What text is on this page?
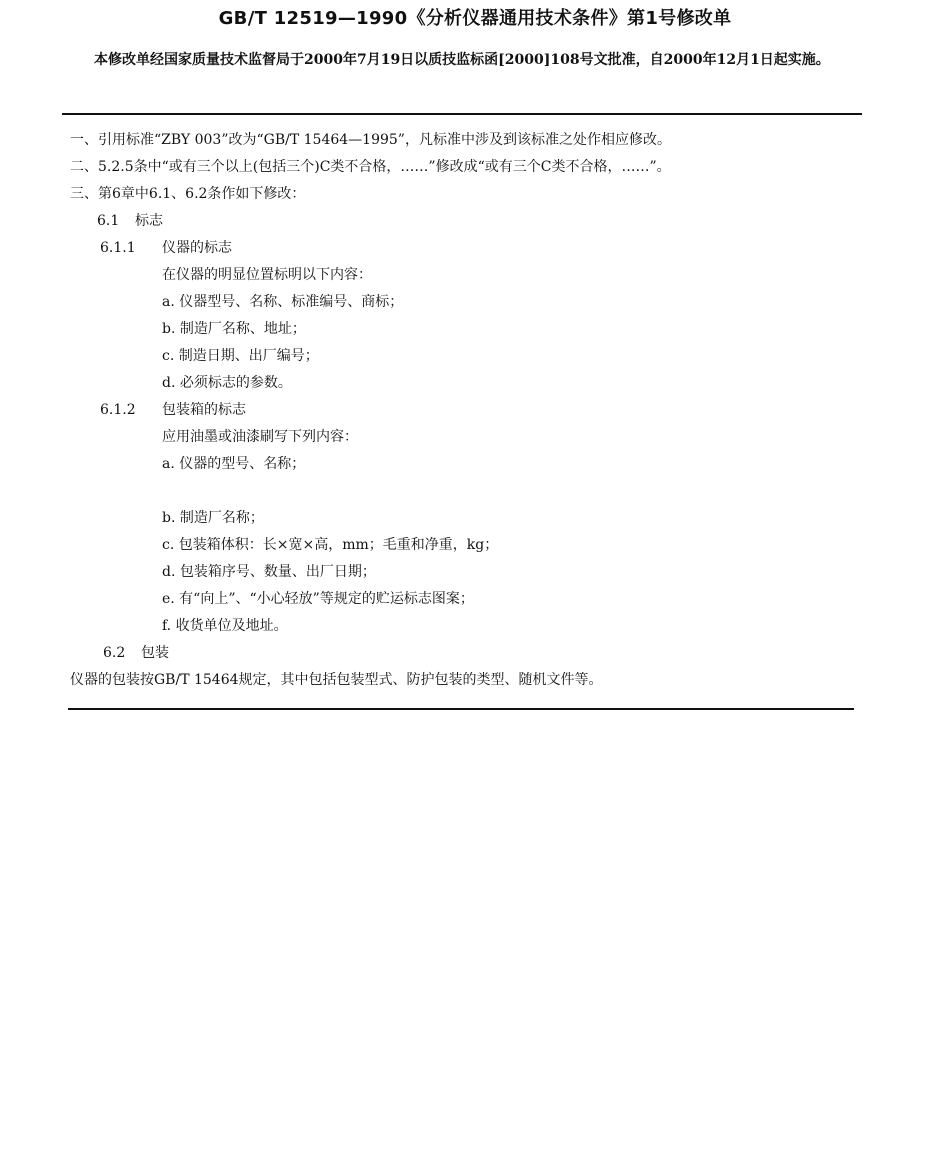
GB/T 12519—1990《分析仪器通用技术条件》第1号修改单
本修改单经国家质量技术监督局于2000年7月19日以质技监标函[2000]108号文批准，自2000年12月1日起实施。
一、引用标准“ZBY 003”改为“GB/T 15464—1995”，凡标准中涉及到该标准之处作相应修改。
二、5.2.5条中“或有三个以上(包括三个)C类不合格，……”修改成“或有三个C类不合格，……”。
三、第6章中6.1、6.2条作如下修改：
6.1 标志
6.1.1 仪器的标志
在仪器的明显位置标明以下内容：
a. 仪器型号、名称、标准编号、商标；
b. 制造厂名称、地址；
c. 制造日期、出厂编号；
d. 必须标志的参数。
6.1.2 包装箱的标志
应用油墨或油漆刷写下列内容：
a. 仪器的型号、名称；
b. 制造厂名称；
c. 包装箱体积：长×宽×高，mm；毛重和净重，kg；
d. 包装箱序号、数量、出厂日期；
e. 有“向上”、“小心轻放”等规定的贮运标志图案；
f. 收货单位及地址。
6.2 包装
仪器的包装按GB/T 15464规定，其中包括包装型式、防护包装的类型、随机文件等。
